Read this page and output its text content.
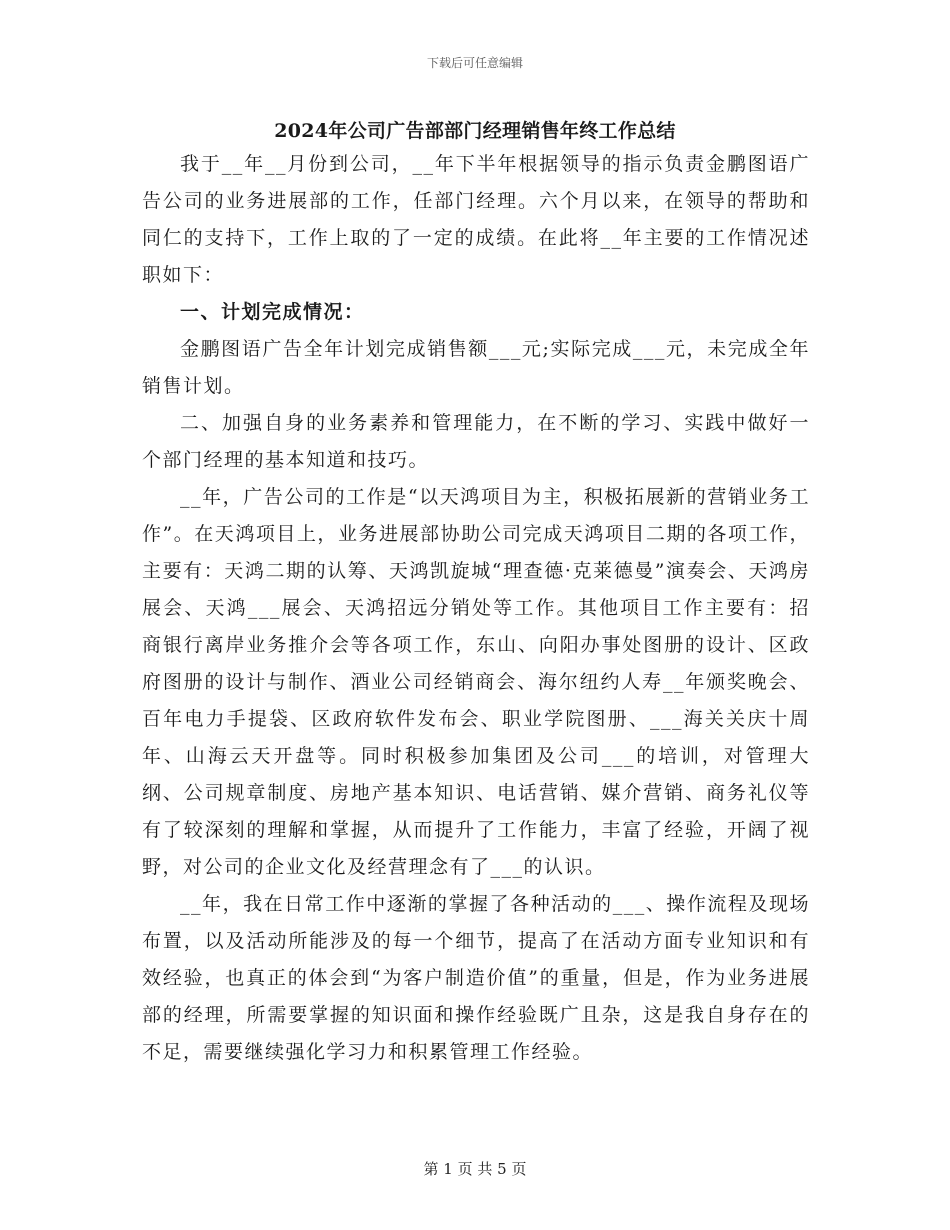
下载后可任意编辑
2024年公司广告部部门经理销售年终工作总结

我于__年__月份到公司，__年下半年根据领导的指示负责金鹏图语广告公司的业务进展部的工作，任部门经理。六个月以来，在领导的帮助和同仁的支持下，工作上取的了一定的成绩。在此将__年主要的工作情况述职如下：

一、计划完成情况：

金鹏图语广告全年计划完成销售额___元;实际完成___元，未完成全年销售计划。

二、加强自身的业务素养和管理能力，在不断的学习、实践中做好一个部门经理的基本知道和技巧。

__年，广告公司的工作是“以天鸿项目为主，积极拓展新的营销业务工作”。在天鸿项目上，业务进展部协助公司完成天鸿项目二期的各项工作，主要有：天鸿二期的认筹、天鸿凯旋城“理查德·克莱德曼”演奏会、天鸿房展会、天鸿___展会、天鸿招远分销处等工作。其他项目工作主要有：招商银行离岸业务推介会等各项工作，东山、向阳办事处图册的设计、区政府图册的设计与制作、酒业公司经销商会、海尔纽约人寿__年颁奖晚会、百年电力手提袋、区政府软件发布会、职业学院图册、___海关关庆十周年、山海云天开盘等。同时积极参加集团及公司___的培训，对管理大纲、公司规章制度、房地产基本知识、电话营销、媒介营销、商务礼仪等有了较深刻的理解和掌握，从而提升了工作能力，丰富了经验，开阔了视野，对公司的企业文化及经营理念有了___的认识。

__年，我在日常工作中逐渐的掌握了各种活动的___、操作流程及现场布置，以及活动所能涉及的每一个细节，提高了在活动方面专业知识和有效经验，也真正的体会到“为客户制造价值”的重量，但是，作为业务进展部的经理，所需要掌握的知识面和操作经验既广且杂，这是我自身存在的不足，需要继续强化学习力和积累管理工作经验。

第 1 页 共 5 页
